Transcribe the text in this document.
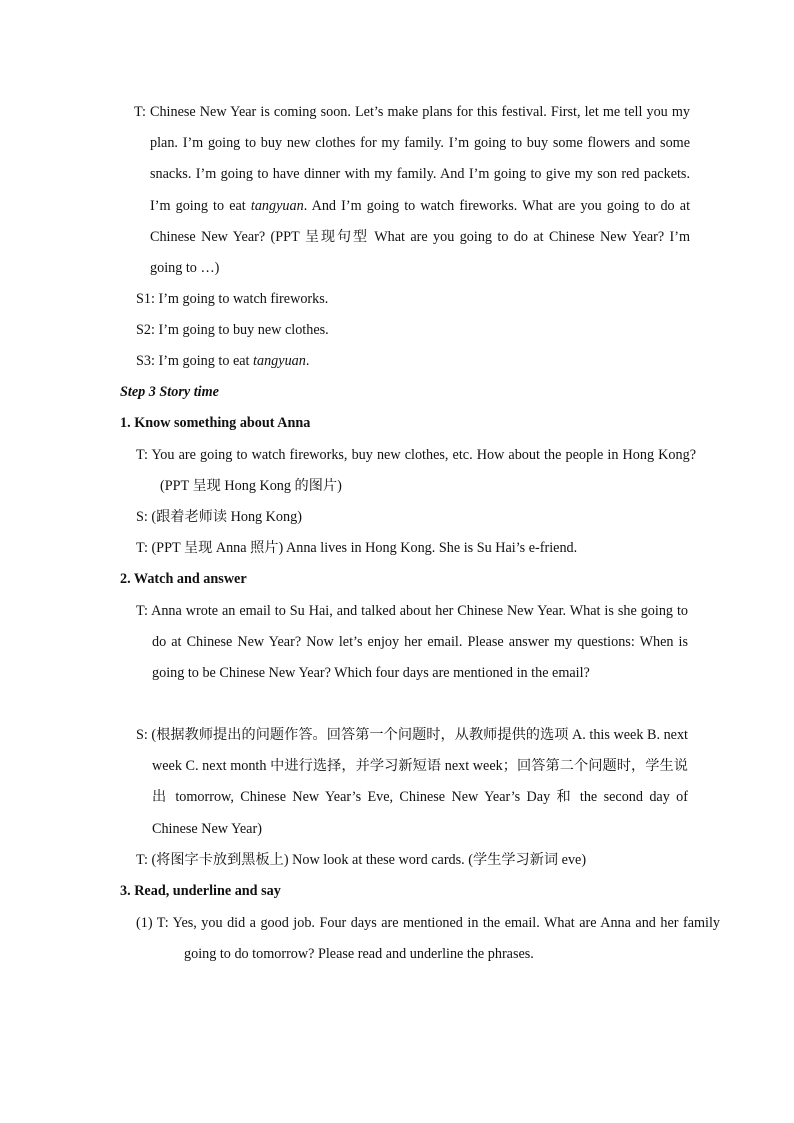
T: Chinese New Year is coming soon. Let’s make plans for this festival. First, let me tell you my plan. I’m going to buy new clothes for my family. I’m going to buy some flowers and some snacks. I’m going to have dinner with my family. And I’m going to give my son red packets. I’m going to eat tangyuan. And I’m going to watch fireworks. What are you going to do at Chinese New Year? (PPT 呈现句型 What are you going to do at Chinese New Year? I’m going to …)
S1: I’m going to watch fireworks.
S2: I’m going to buy new clothes.
S3: I’m going to eat tangyuan.
Step 3 Story time
1. Know something about Anna
T: You are going to watch fireworks, buy new clothes, etc. How about the people in Hong Kong? (PPT 呈现 Hong Kong 的图片)
S: (跟着老师读 Hong Kong)
T: (PPT 呈现 Anna 照片) Anna lives in Hong Kong. She is Su Hai’s e-friend.
2. Watch and answer
T: Anna wrote an email to Su Hai, and talked about her Chinese New Year. What is she going to do at Chinese New Year? Now let’s enjoy her email. Please answer my questions: When is going to be Chinese New Year? Which four days are mentioned in the email?
S: (根据教师提出的问题作答。回答第一个问题时，从教师提供的选项 A. this week B. next week C. next month 中进行选择，并学习新短语 next week；回答第二个问题时，学生说出 tomorrow, Chinese New Year’s Eve, Chinese New Year’s Day 和 the second day of Chinese New Year)
T: (将图字卡放到黑板上) Now look at these word cards. (学生学习新词 eve)
3. Read, underline and say
(1) T: Yes, you did a good job. Four days are mentioned in the email. What are Anna and her family going to do tomorrow? Please read and underline the phrases.
